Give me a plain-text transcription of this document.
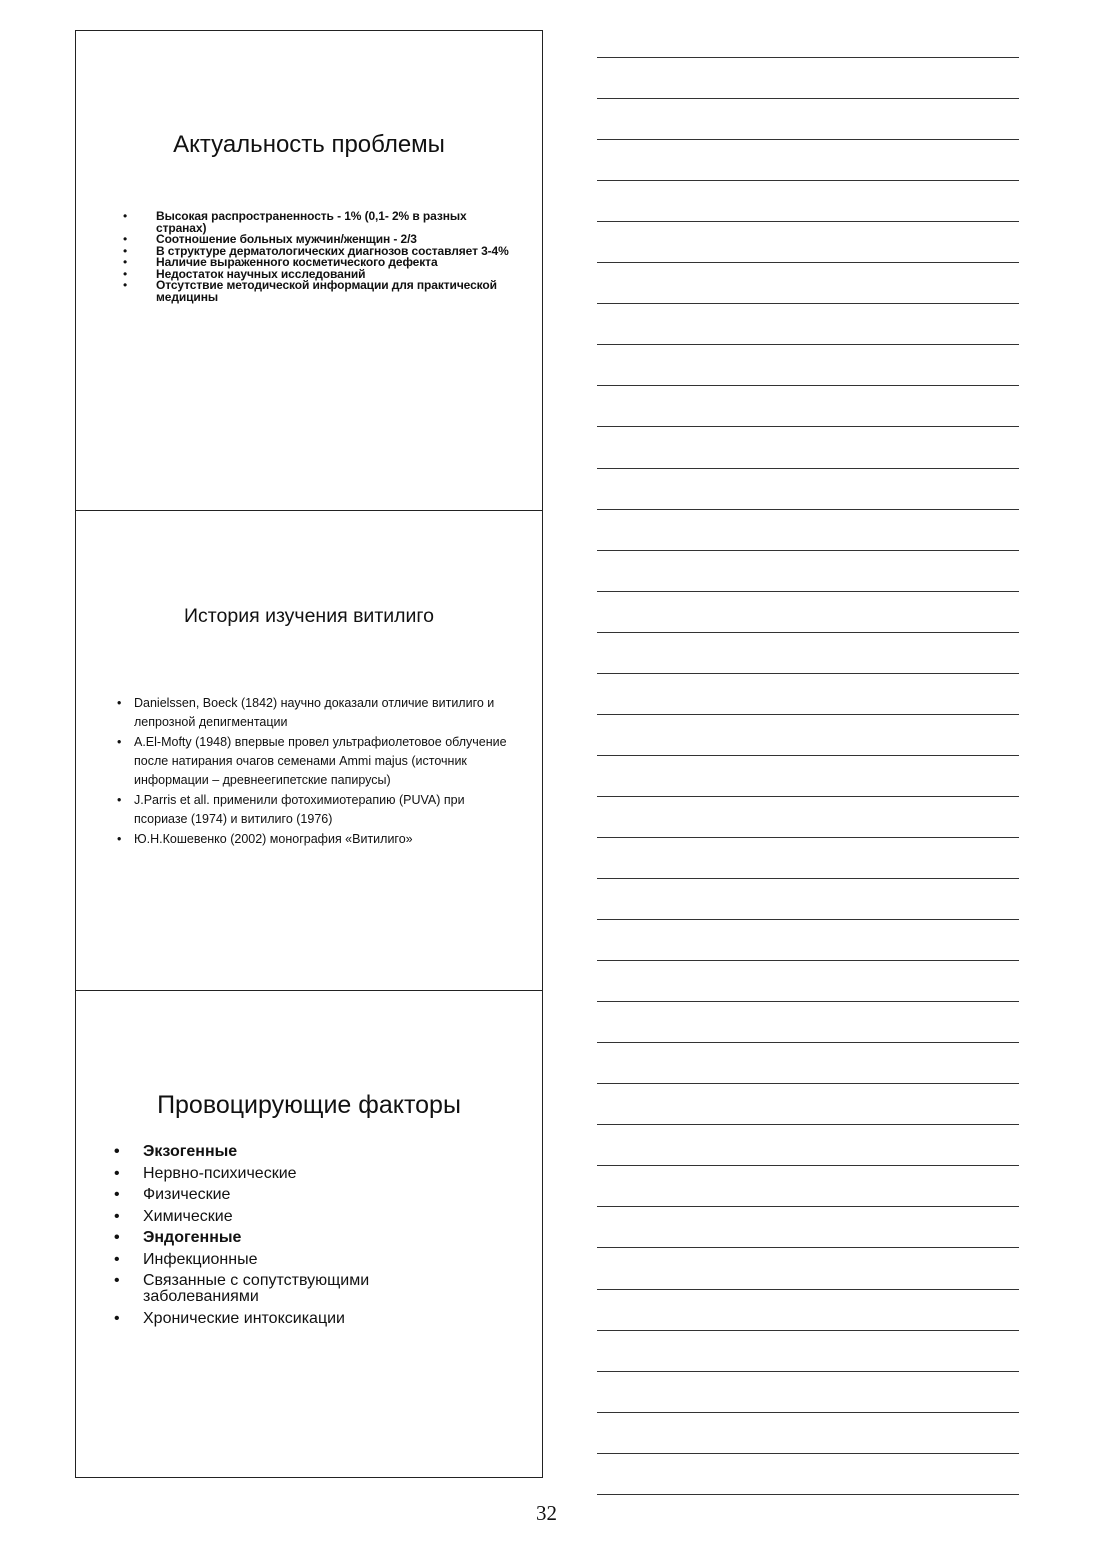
Актуальность проблемы
• Высокая распространенность - 1% (0,1- 2% в разных странах)
• Соотношение больных мужчин/женщин - 2/3
• В структуре дерматологических диагнозов составляет 3-4%
• Наличие выраженного косметического дефекта
• Недостаток научных исследований
• Отсутствие методической информации для практической медицины
История изучения витилиго
• Danielssen, Boeck (1842) научно доказали отличие витилиго и лепрозной депигментации
• A.El-Mofty (1948) впервые провел ультрафиолетовое облучение после натирания очагов семенами Ammi majus (источник информации – древнеегипетские папирусы)
• J.Parris et all. применили фотохимиотерапию (PUVA) при псориазе (1974) и витилиго (1976)
• Ю.Н.Кошевенко (2002) монография «Витилиго»
Провоцирующие факторы
• Экзогенные
• Нервно-психические
• Физические
• Химические
• Эндогенные
• Инфекционные
• Связанные с сопутствующими заболеваниями
• Хронические интоксикации
32
